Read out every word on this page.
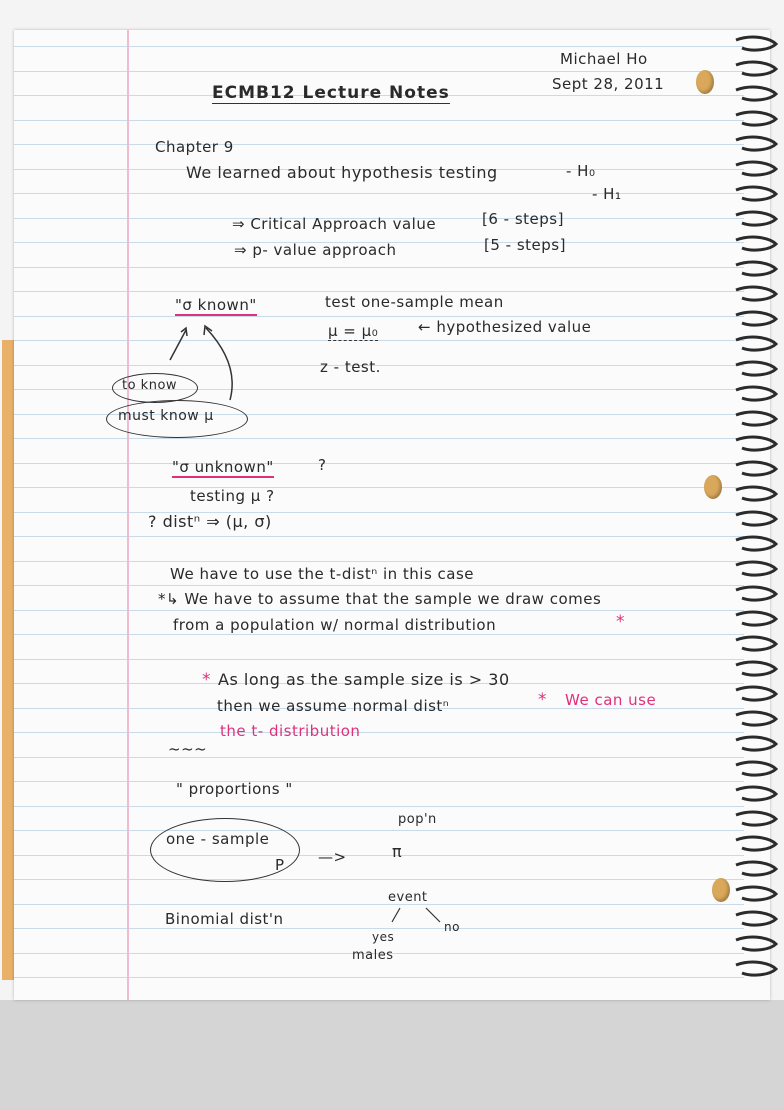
Michael Ho
Sept 28, 2011
ECMB12 Lecture Notes
Chapter 9
We learned about hypothesis testing	- H₀
- H₁
⇒ Critical Approach value	[6 - steps]
⇒ p- value approach	[5 - steps]
"σ known"	test one-sample mean
μ = μ₀	← hypothesized value
z - test.
to know
must know μ
"σ unknown"	?
testing μ ?
? distⁿ ⇒ (μ, σ)
We have to use the t-distⁿ in this case
*↳ We have to assume that the sample we draw comes
from a population w/ normal distribution	*
* As long as the sample size is > 30
then we assume normal distⁿ	* We can use
the t- distribution
~~~
" proportions "
one - sample
P —>
pop'n
π
Binomial dist'n
event
yes
no
males
